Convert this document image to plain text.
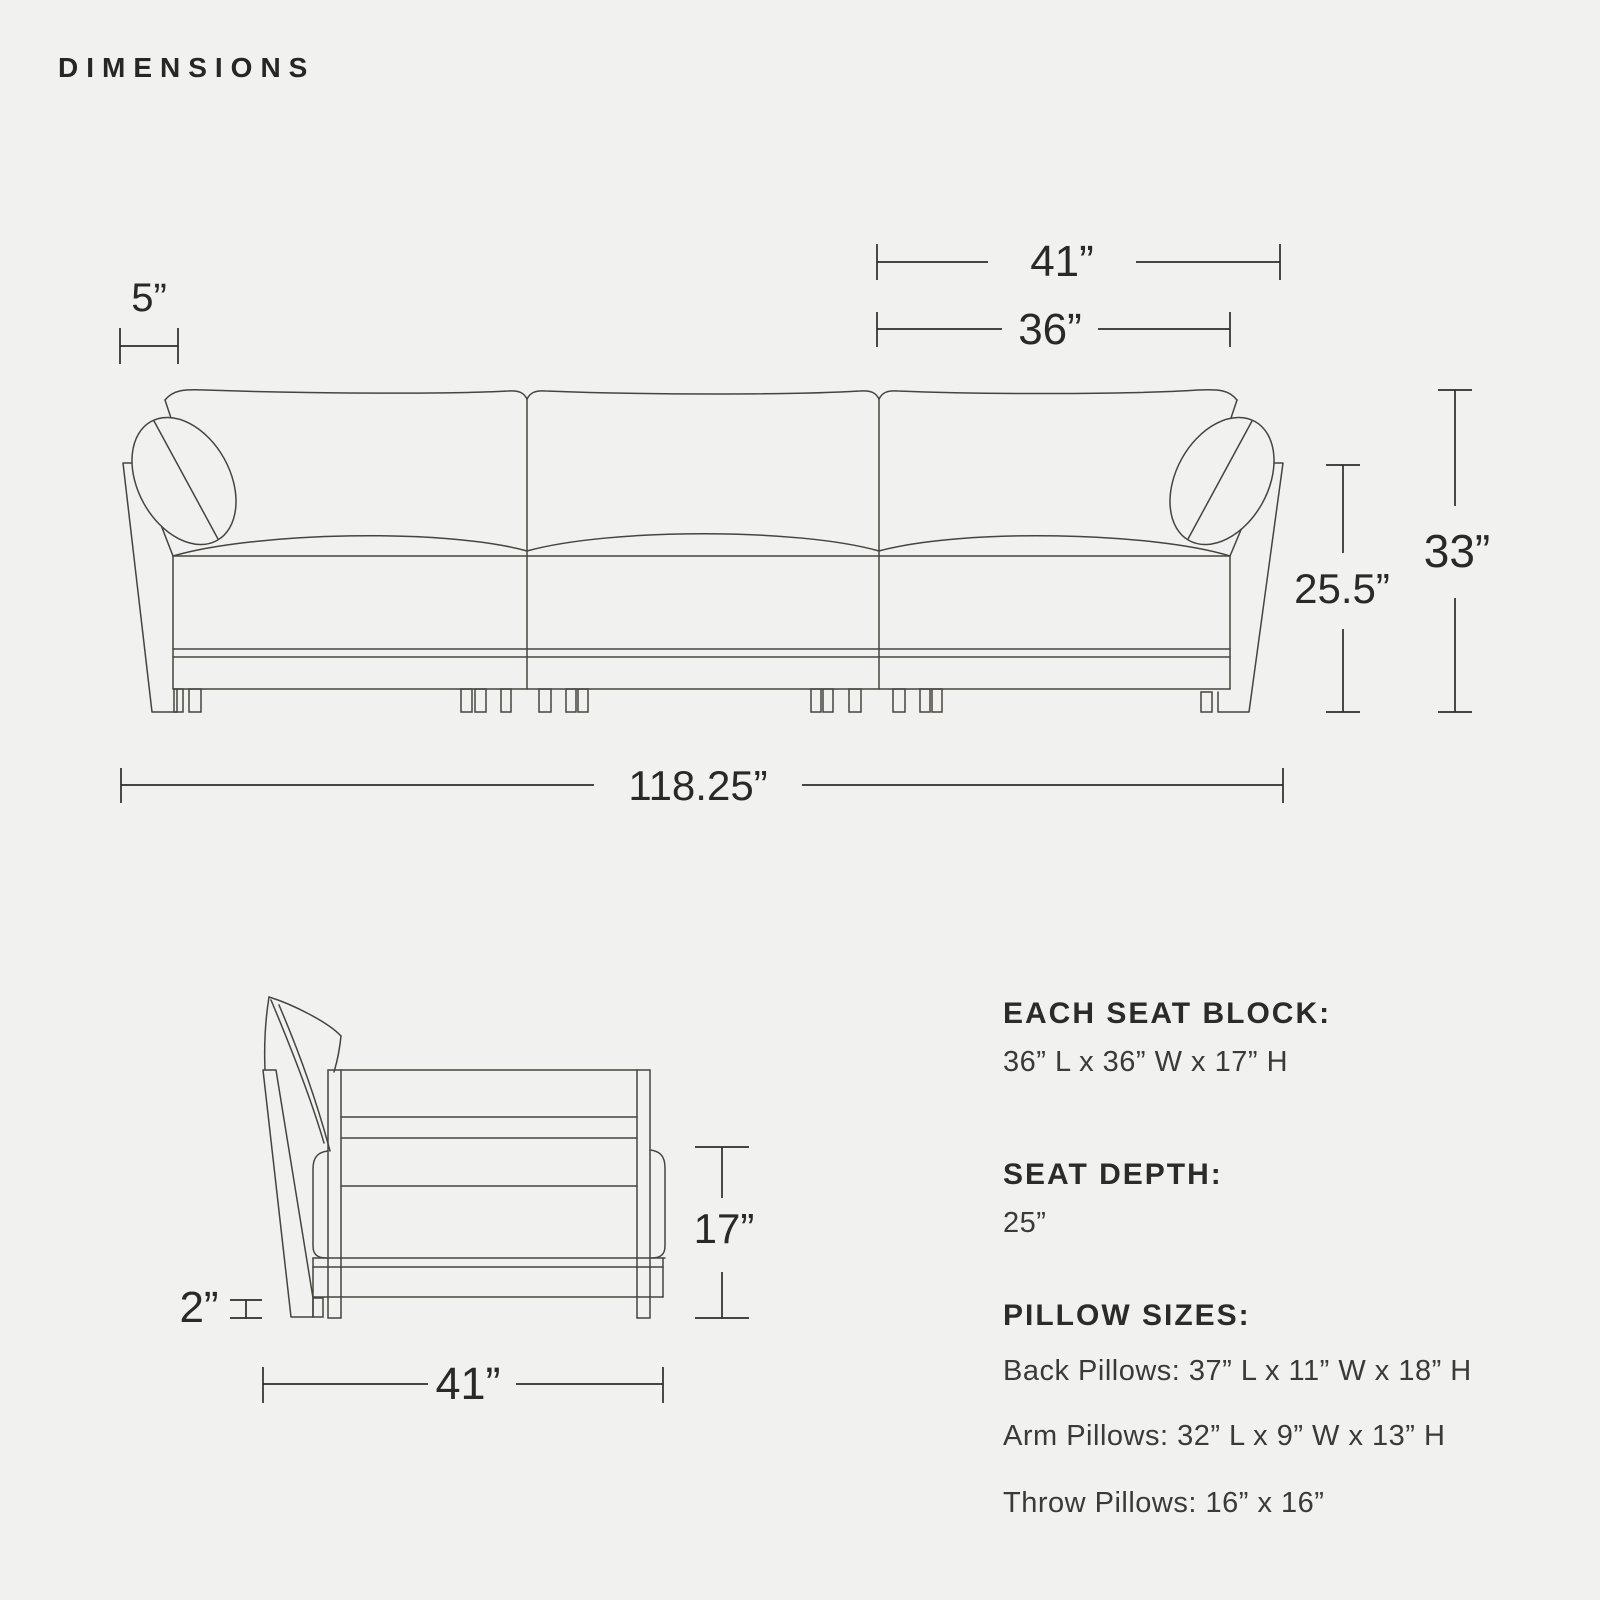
DIMENSIONS
5”
41”
36”
33”
25.5”
118.25”
2”
17”
41”
EACH SEAT BLOCK:
36” L x 36” W x 17” H
SEAT DEPTH:
25”
PILLOW SIZES:
Back Pillows: 37” L x 11” W x 18” H
Arm Pillows: 32” L x 9” W x 13” H
Throw Pillows: 16” x 16”
